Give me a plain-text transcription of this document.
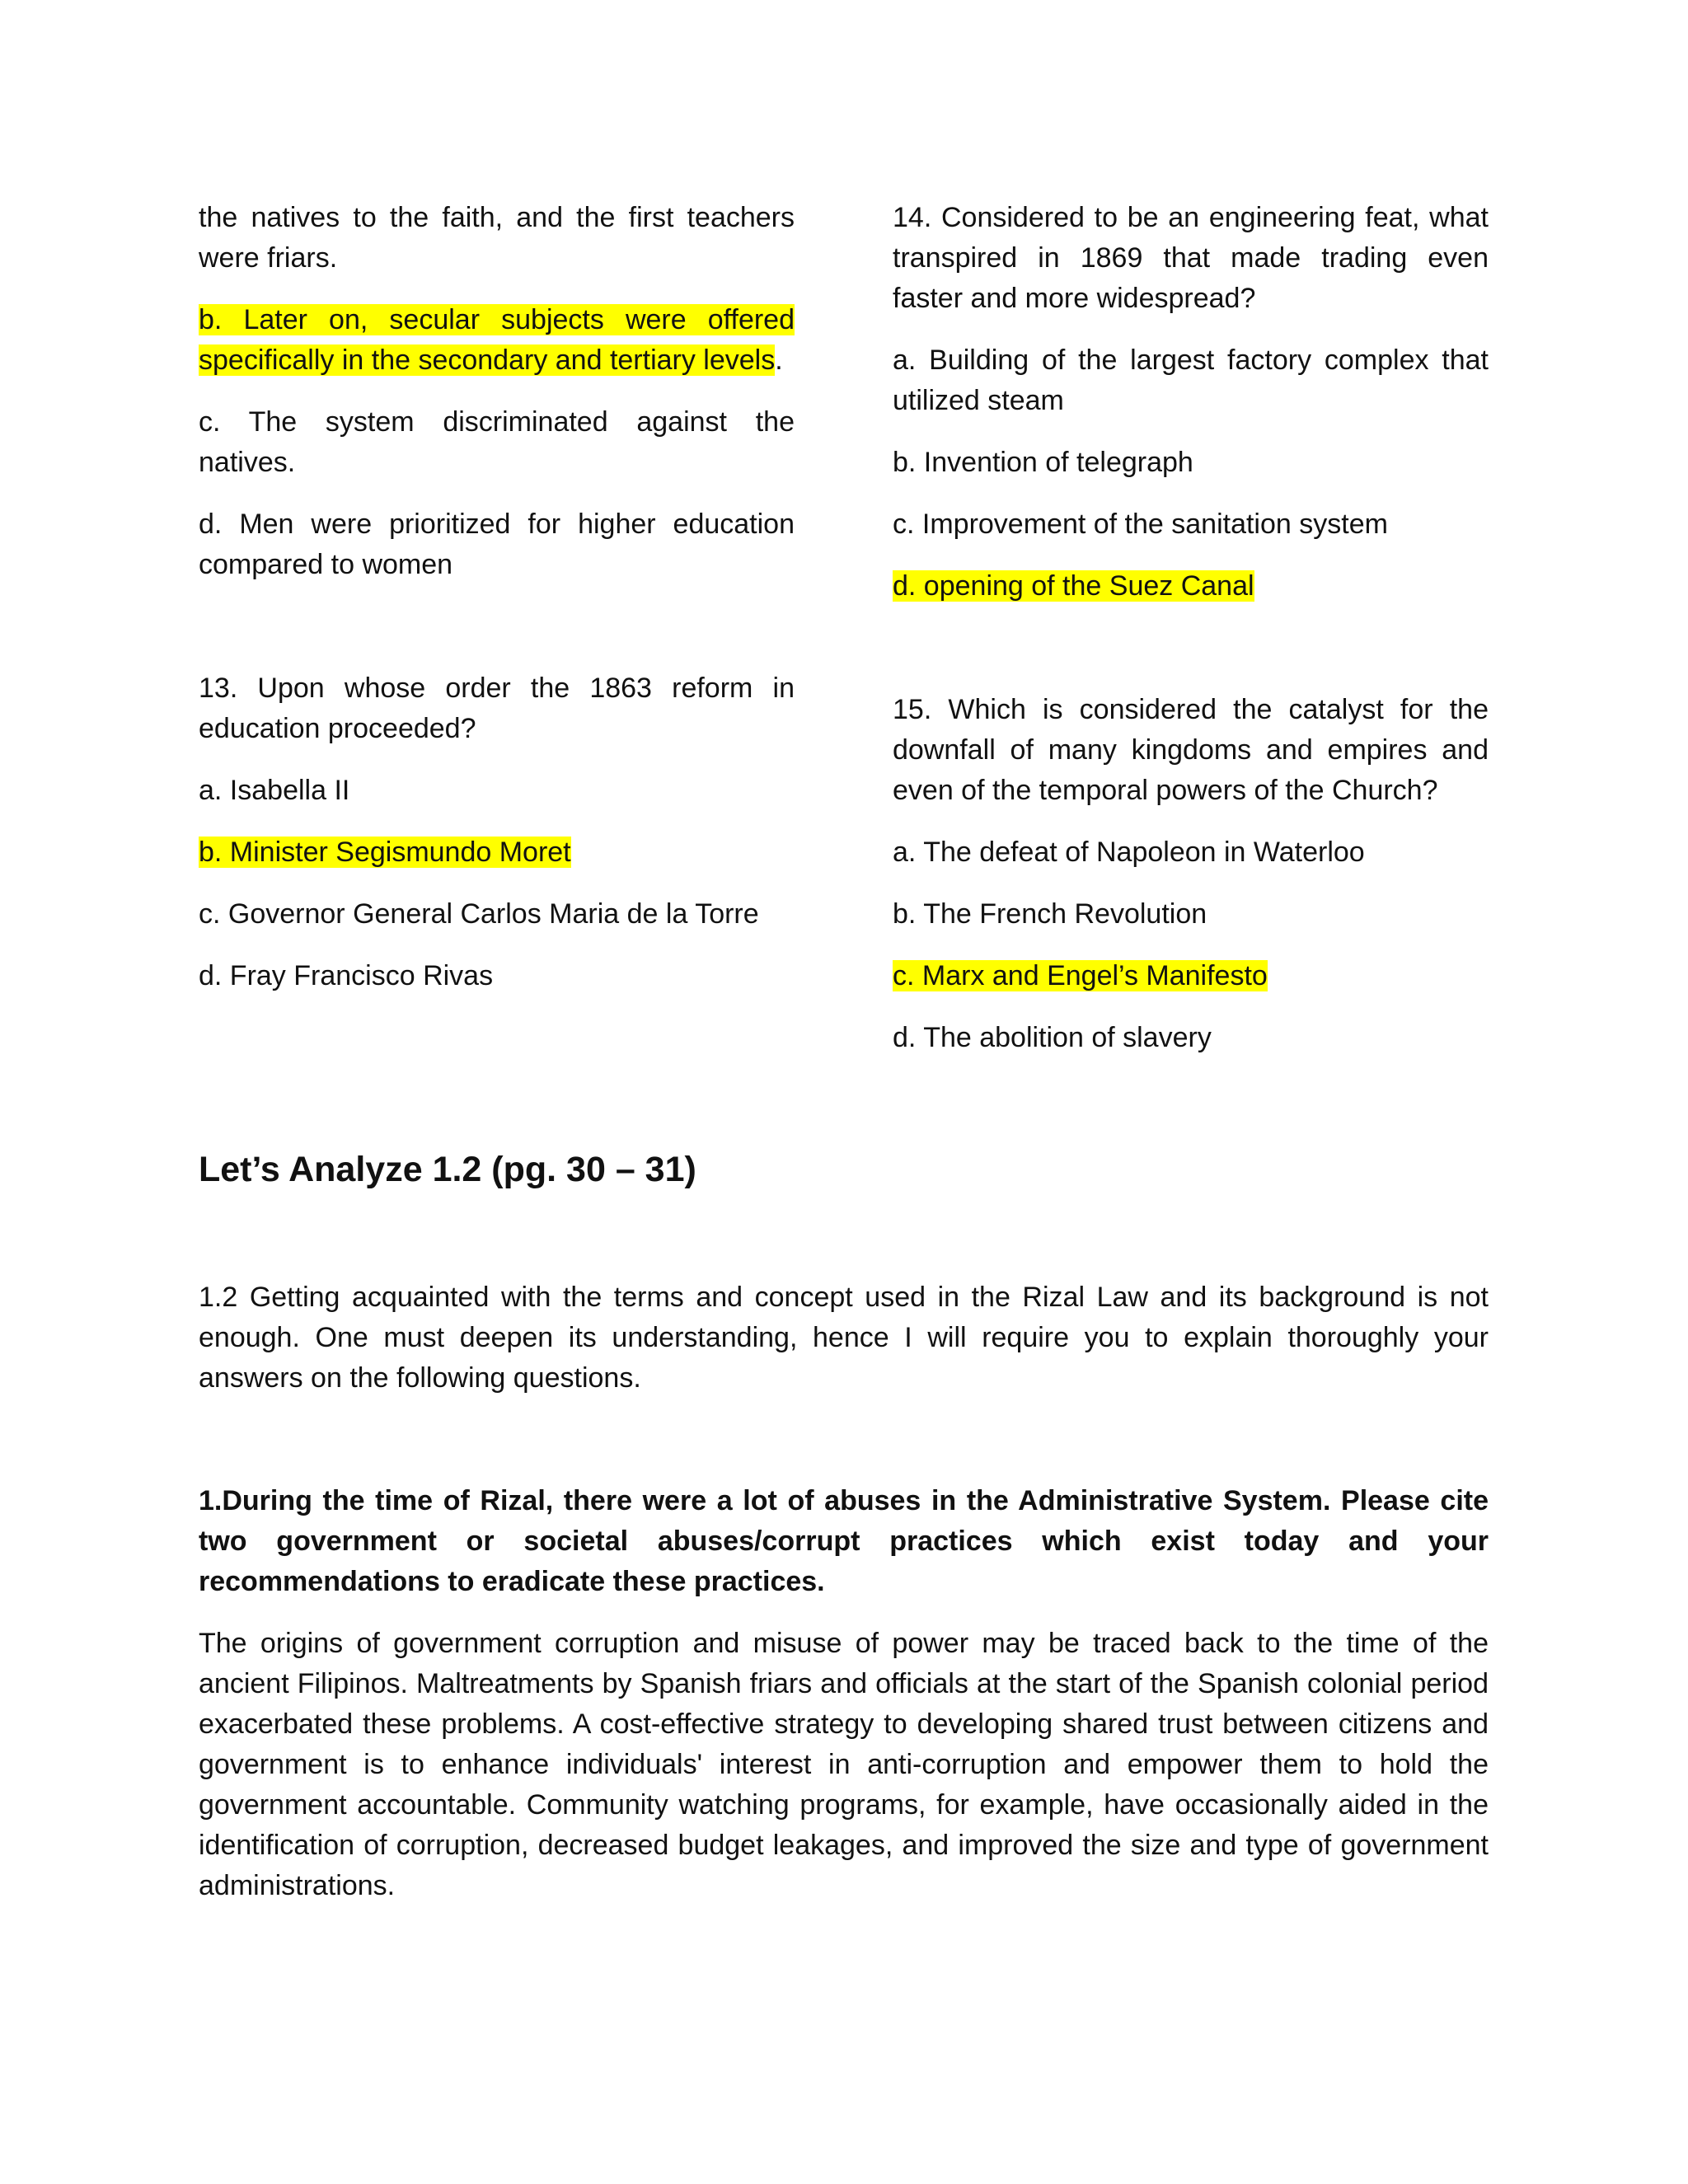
the natives to the faith, and the first teachers were friars.

b. Later on, secular subjects were offered specifically in the secondary and tertiary levels.

c. The system discriminated against the natives.

d. Men were prioritized for higher education compared to women

13. Upon whose order the 1863 reform in education proceeded?

a. Isabella II

b. Minister Segismundo Moret

c. Governor General Carlos Maria de la Torre

d. Fray Francisco Rivas

14. Considered to be an engineering feat, what transpired in 1869 that made trading even faster and more widespread?

a. Building of the largest factory complex that utilized steam

b. Invention of telegraph

c. Improvement of the sanitation system

d. opening of the Suez Canal

15. Which is considered the catalyst for the downfall of many kingdoms and empires and even of the temporal powers of the Church?

a. The defeat of Napoleon in Waterloo

b. The French Revolution

c. Marx and Engel’s Manifesto

d. The abolition of slavery

Let’s Analyze 1.2 (pg. 30 – 31)

1.2 Getting acquainted with the terms and concept used in the Rizal Law and its background is not enough. One must deepen its understanding, hence I will require you to explain thoroughly your answers on the following questions.

1.During the time of Rizal, there were a lot of abuses in the Administrative System. Please cite two government or societal abuses/corrupt practices which exist today and your recommendations to eradicate these practices.

The origins of government corruption and misuse of power may be traced back to the time of the ancient Filipinos. Maltreatments by Spanish friars and officials at the start of the Spanish colonial period exacerbated these problems. A cost-effective strategy to developing shared trust between citizens and government is to enhance individuals' interest in anti-corruption and empower them to hold the government accountable. Community watching programs, for example, have occasionally aided in the identification of corruption, decreased budget leakages, and improved the size and type of government administrations.
